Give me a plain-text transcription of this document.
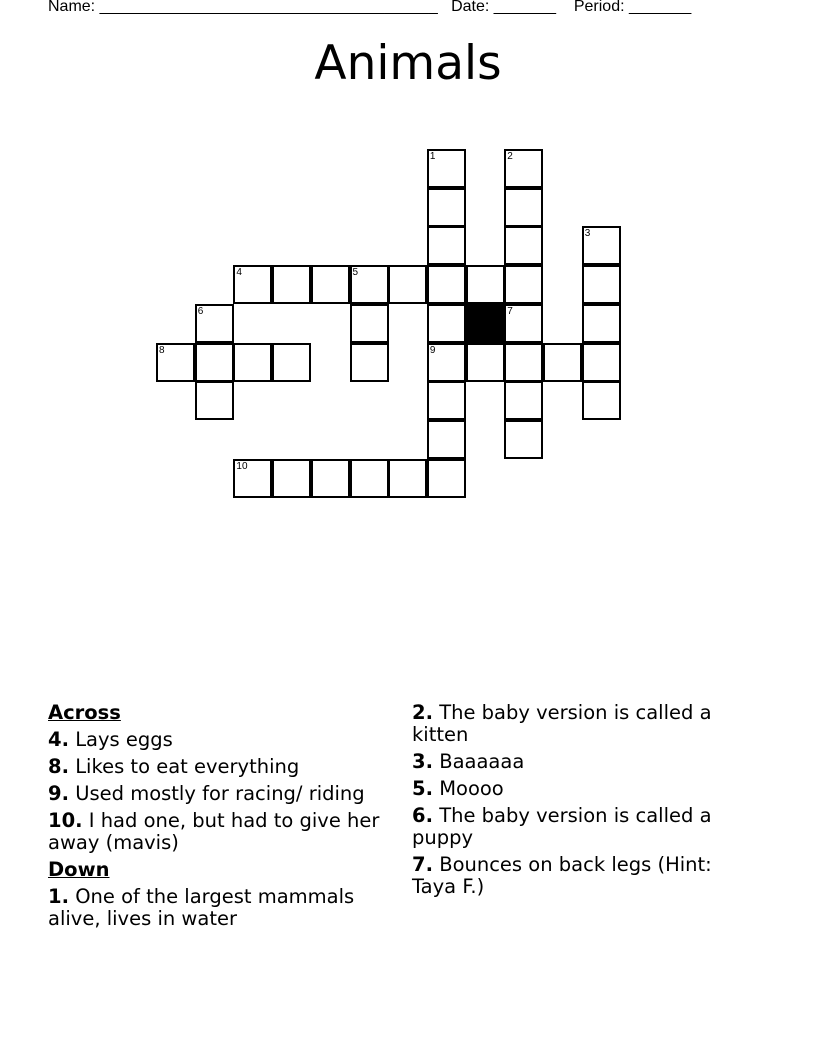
Name: ______________________________________ Date: _______ Period: _______
Animals
1	2
3
4	5
6	7
8	9
10
Across
4. Lays eggs
8. Likes to eat everything
9. Used mostly for racing/ riding
10. I had one, but had to give her away (mavis)
Down
1. One of the largest mammals alive, lives in water
2. The baby version is called a kitten
3. Baaaaaa
5. Moooo
6. The baby version is called a puppy
7. Bounces on back legs (Hint: Taya F.)
